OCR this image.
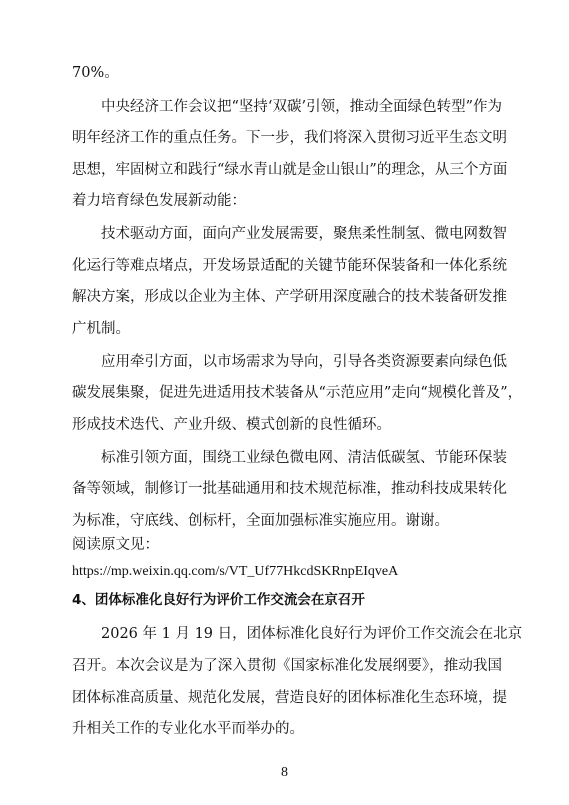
70%。
中央经济工作会议把“坚持‘双碳’引领，推动全面绿色转型”作为
明年经济工作的重点任务。下一步，我们将深入贯彻习近平生态文明
思想，牢固树立和践行“绿水青山就是金山银山”的理念，从三个方面
着力培育绿色发展新动能：
技术驱动方面，面向产业发展需要，聚焦柔性制氢、微电网数智
化运行等难点堵点，开发场景适配的关键节能环保装备和一体化系统
解决方案，形成以企业为主体、产学研用深度融合的技术装备研发推
广机制。
应用牵引方面，以市场需求为导向，引导各类资源要素向绿色低
碳发展集聚，促进先进适用技术装备从“示范应用”走向“规模化普及”，
形成技术迭代、产业升级、模式创新的良性循环。
标准引领方面，围绕工业绿色微电网、清洁低碳氢、节能环保装
备等领域，制修订一批基础通用和技术规范标准，推动科技成果转化
为标准，守底线、创标杆，全面加强标准实施应用。谢谢。
阅读原文见：
https://mp.weixin.qq.com/s/VT_Uf77HkcdSKRnpEIqveA
4、团体标准化良好行为评价工作交流会在京召开
2026 年 1 月 19 日，团体标准化良好行为评价工作交流会在北京
召开。本次会议是为了深入贯彻《国家标准化发展纲要》，推动我国
团体标准高质量、规范化发展，营造良好的团体标准化生态环境，提
升相关工作的专业化水平而举办的。
8
